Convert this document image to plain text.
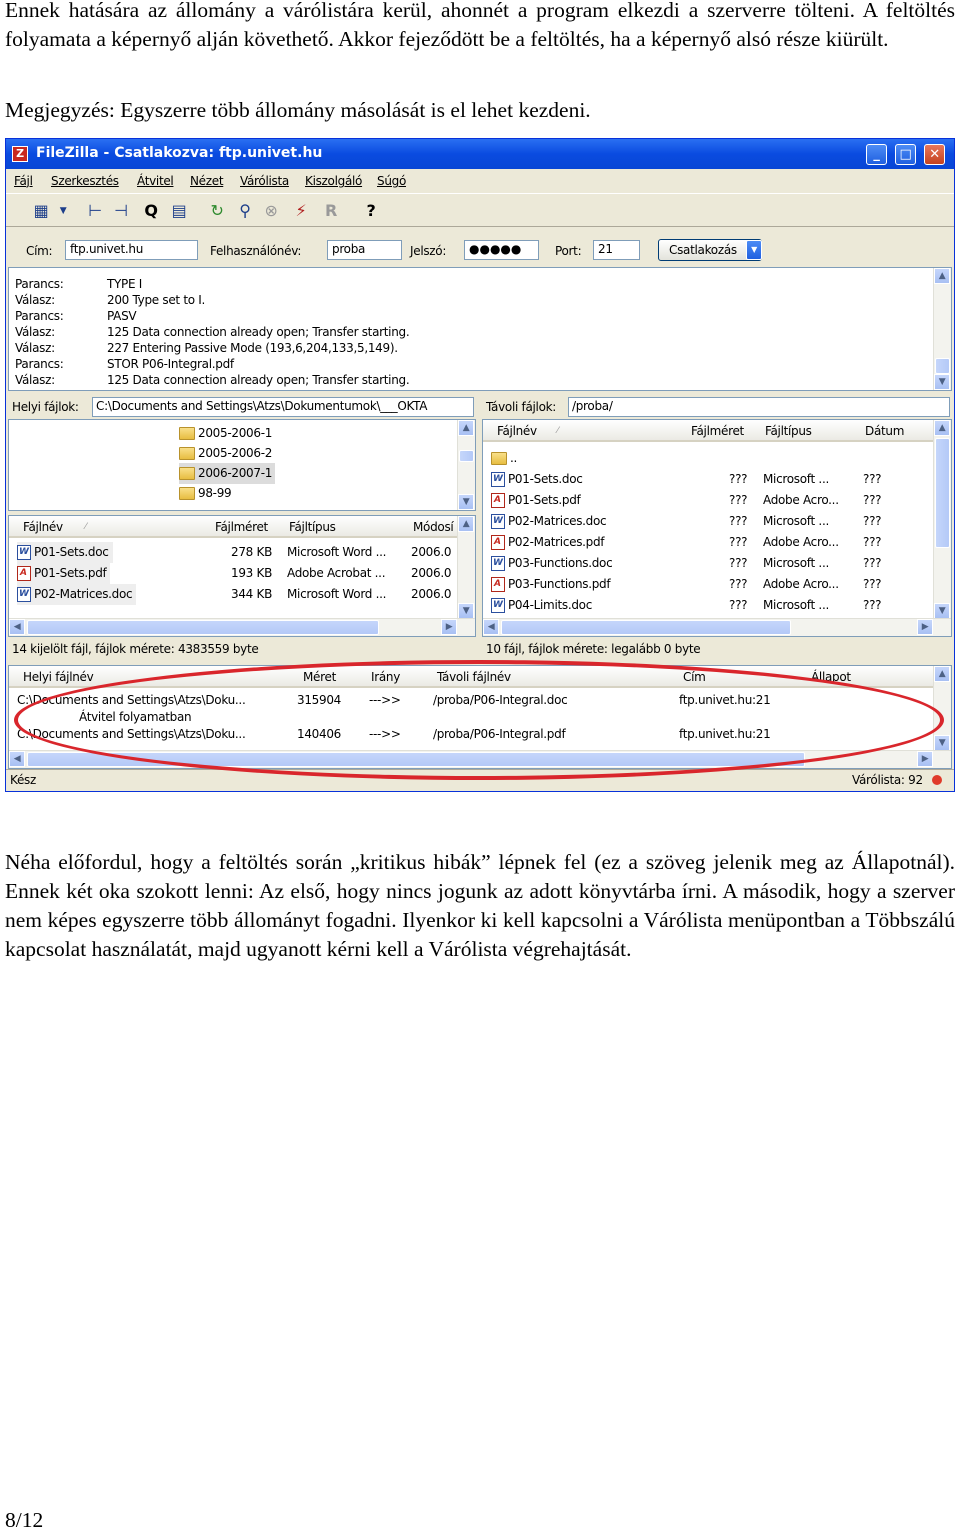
Ennek hatására az állomány a várólistára kerül, ahonnét a program elkezdi a szerverre tölteni. A feltöltés folyamata a képernyő alján követhető. Akkor fejeződött be a feltöltés, ha a képernyő alsó része kiürült.

Megjegyzés: Egyszerre több állomány másolását is el lehet kezdeni.

Z FileZilla - Csatlakozva: ftp.univet.hu	_	□	✕
Fájl Szerkesztés Átvitel Nézet Várólista Kiszolgáló Súgó
▦	▼	⊢ ⊣ Q ▤ ↻ ⚲ ⊗	⚡	R	?
Cím:	ftp.univet.hu	Felhasználónév:	proba	Jelszó:	●●●●●	Port:	21	Csatlakozás	▼
Parancs:	TYPE I
Válasz:	200 Type set to I.
Parancs:	PASV
Válasz:	125 Data connection already open; Transfer starting.
Válasz:	227 Entering Passive Mode (193,6,204,133,5,149).
Parancs:	STOR P06-Integral.pdf
Válasz:	125 Data connection already open; Transfer starting.
▲
▼
Helyi fájlok:	C:\Documents and Settings\Atzs\Dokumentumok\___OKTA	Távoli fájlok:	/proba/
2005-2006-1
2005-2006-2
2006-2007-1
98-99
▲
▼
Fájlnév ⁄	Fájlméret Fájltípus	Módosí
WP01-Sets.doc	278 KB Microsoft Word ... 2006.0
AP01-Sets.pdf	193 KB Adobe Acrobat ... 2006.0
WP02-Matrices.doc	344 KB Microsoft Word ... 2006.0
▲
▼
◀	▶
Fájlnév ⁄	Fájlméret Fájltípus	Dátum
..
WP01-Sets.doc	??? Microsoft ...	???
AP01-Sets.pdf	??? Adobe Acro... ???
WP02-Matrices.doc	??? Microsoft ...	???
AP02-Matrices.pdf	??? Adobe Acro... ???
WP03-Functions.doc	??? Microsoft ...	???
AP03-Functions.pdf	??? Adobe Acro... ???
WP04-Limits.doc	??? Microsoft ...	???
▲
▼
◀	▶
14 kijelölt fájl, fájlok mérete: 4383559 byte	10 fájl, fájlok mérete: legalább 0 byte
Helyi fájlnév	Méret	Irány	Távoli fájlnév	Cím	Állapot
C:\Documents and Settings\Atzs\Doku...	315904 --->>	/proba/P06-Integral.doc	ftp.univet.hu:21
Átvitel folyamatban
C:\Documents and Settings\Atzs\Doku...	140406 --->>	/proba/P06-Integral.pdf	ftp.univet.hu:21
▲
▼
◀	▶
Kész	Várólista: 92

Néha előfordul, hogy a feltöltés során „kritikus hibák” lépnek fel (ez a szöveg jelenik meg az Állapotnál). Ennek két oka szokott lenni: Az első, hogy nincs jogunk az adott könyvtárba írni. A második, hogy a szerver nem képes egyszerre több állományt fogadni. Ilyenkor ki kell kapcsolni a Várólista menüpontban a Többszálú kapcsolat használatát, majd ugyanott kérni kell a Várólista végrehajtását.

8/12
